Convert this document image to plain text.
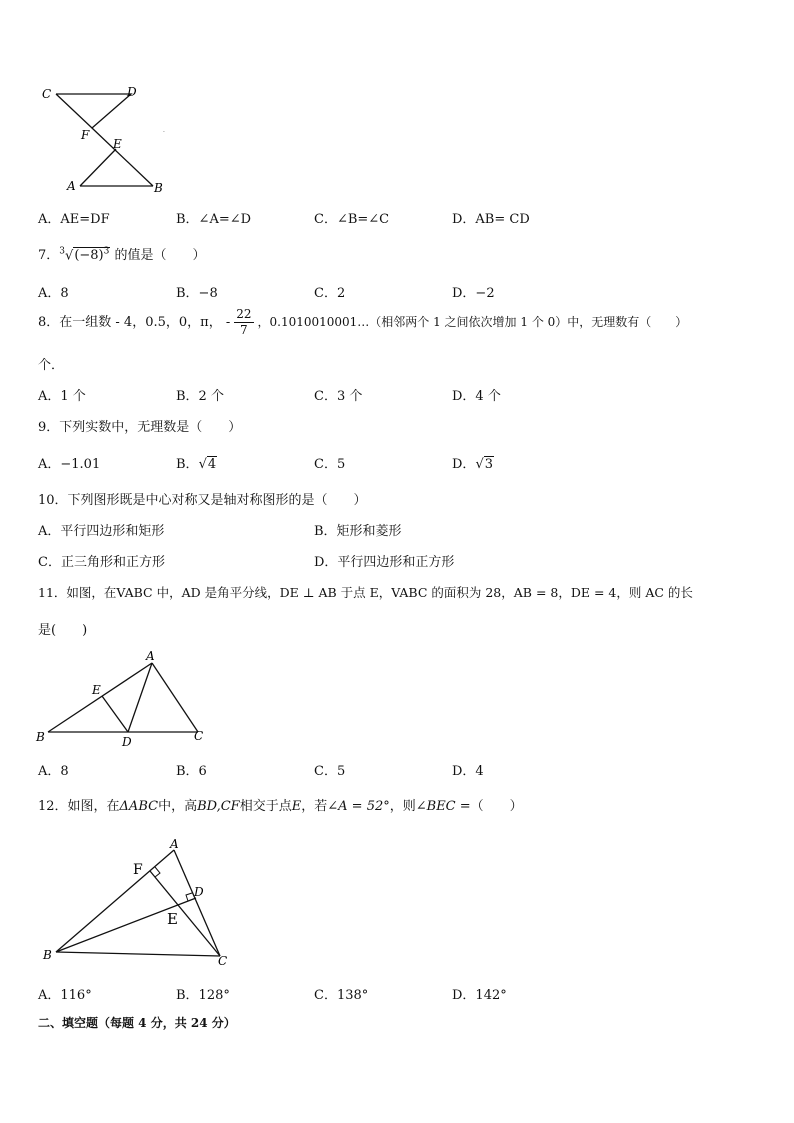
C	D
F
E
A	B
·
A．AE=DF	B．∠A=∠D	C．∠B=∠C	D．AB= CD
7．$^3√(-8)^3$ 的值是（　　）
A．8	B．−8	C．2	D．−2
8．在一组数 - 4，0.5，0，π， - $\frac{22}{7}$ ，0.1010010001…（相邻两个 1 之间依次增加 1 个 0）中，无理数有（　　）
个．
A．1 个	B．2 个	C．3 个	D．4 个
9．下列实数中，无理数是（　　）
A．−1.01	B．√4	C．5	D．√3
10．下列图形既是中心对称又是轴对称图形的是（　　）
A．平行四边形和矩形	B．矩形和菱形
C．正三角形和正方形	D．平行四边形和正方形
11．如图，在VABC 中，AD 是角平分线，DE ⊥ AB 于点 E，VABC 的面积为 28，AB = 8，DE = 4，则 AC 的长
是(　　)
A
E
B	D	C
A．8	B．6	C．5	D．4
12．如图，在ΔABC中，高BD,CF相交于点E，若∠A = 52°，则∠BEC =（　　）
A
F
D
E
B	C
A．116°	B．128°	C．138°	D．142°
二、填空题（每题 4 分，共 24 分）
